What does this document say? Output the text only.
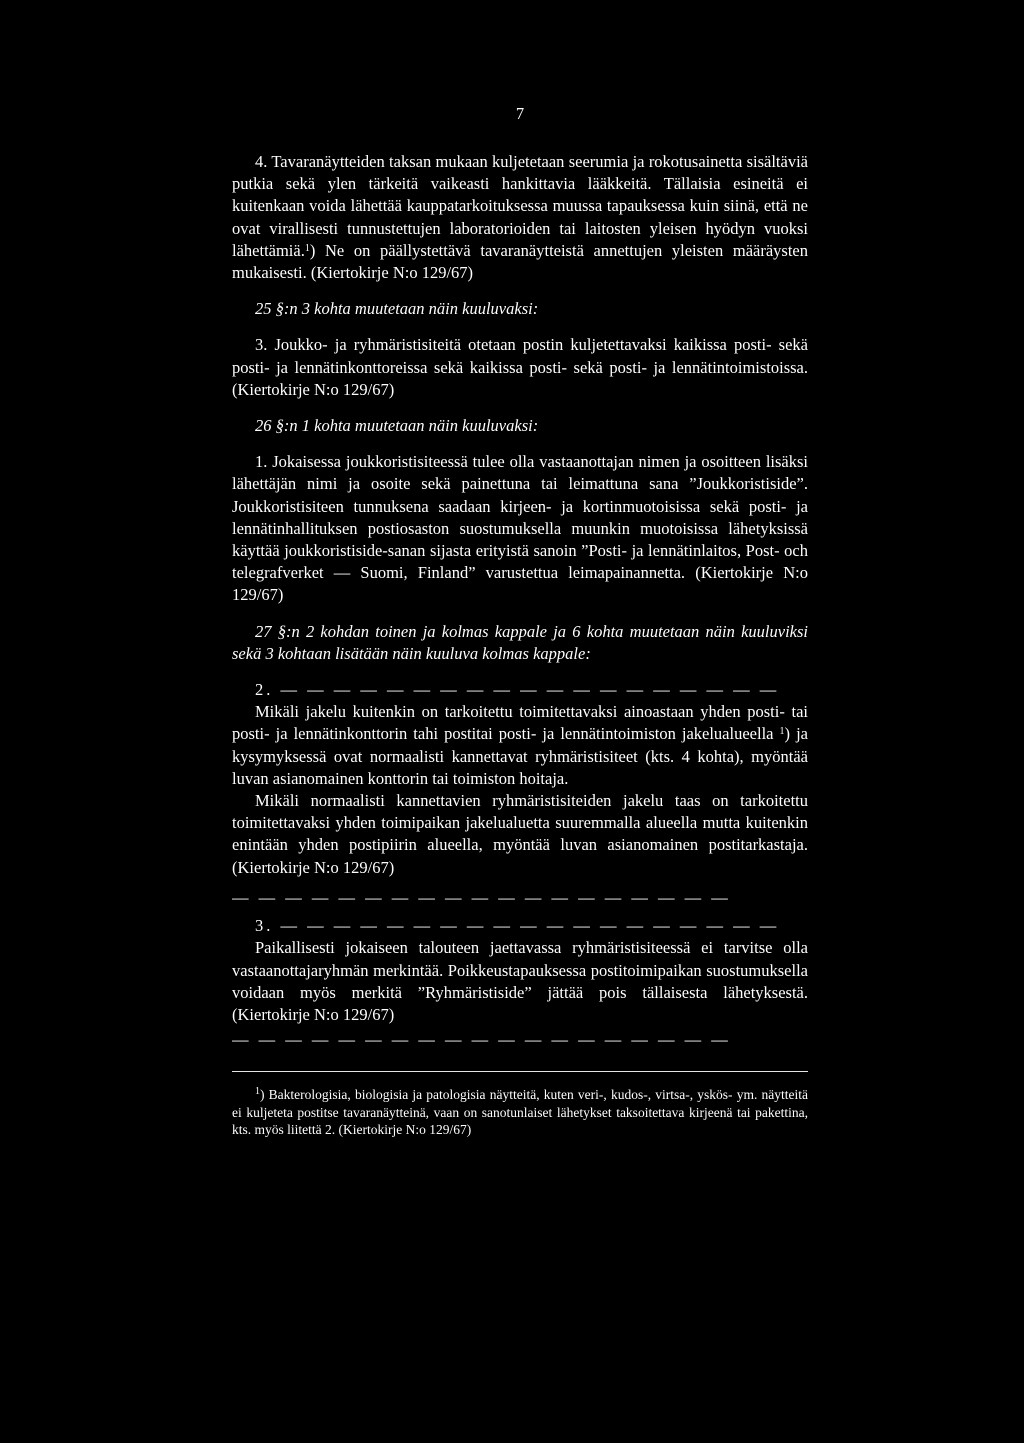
7

4. Tavaranäytteiden taksan mukaan kuljetetaan seerumia ja rokotusainetta sisältäviä putkia sekä ylen tärkeitä vaikeasti hankittavia lääkkeitä. Tällaisia esineitä ei kuitenkaan voida lähettää kauppatarkoituksessa muussa tapauksessa kuin siinä, että ne ovat virallisesti tunnustettujen laboratorioiden tai laitosten yleisen hyödyn vuoksi lähettämiä.$^1$) Ne on päällystettävä tavaranäytteistä annettujen yleisten määräysten mukaisesti. (Kiertokirje N:o 129/67)

25 §:n 3 kohta muutetaan näin kuuluvaksi:

3. Joukko- ja ryhmäristisiteitä otetaan postin kuljetettavaksi kaikissa posti- sekä posti- ja lennätinkonttoreissa sekä kaikissa posti- sekä posti- ja lennätintoimistoissa. (Kiertokirje N:o 129/67)

26 §:n 1 kohta muutetaan näin kuuluvaksi:

1. Jokaisessa joukkoristisiteessä tulee olla vastaanottajan nimen ja osoitteen lisäksi lähettäjän nimi ja osoite sekä painettuna tai leimattuna sana ”Joukkoristiside”. Joukkoristisiteen tunnuksena saadaan kirjeen- ja kortinmuotoisissa sekä posti- ja lennätinhallituksen postiosaston suostumuksella muunkin muotoisissa lähetyksissä käyttää joukkoristiside-sanan sijasta erityistä sanoin ”Posti- ja lennätinlaitos, Post- och telegrafverket — Suomi, Finland” varustettua leimapainannetta. (Kiertokirje N:o 129/67)

27 §:n 2 kohdan toinen ja kolmas kappale ja 6 kohta muutetaan näin kuuluviksi sekä 3 kohtaan lisätään näin kuuluva kolmas kappale:

2. — — — — — — — — — — — — — — — — — — —

Mikäli jakelu kuitenkin on tarkoitettu toimitettavaksi ainoastaan yhden posti- tai posti- ja lennätinkonttorin tahi postitai posti- ja lennätintoimiston jakelualueella $^1$) ja kysymyksessä ovat normaalisti kannettavat ryhmäristisiteet (kts. 4 kohta), myöntää luvan asianomainen konttorin tai toimiston hoitaja.

Mikäli normaalisti kannettavien ryhmäristisiteiden jakelu taas on tarkoitettu toimitettavaksi yhden toimipaikan jakelualuetta suuremmalla alueella mutta kuitenkin enintään yhden postipiirin alueella, myöntää luvan asianomainen postitarkastaja. (Kiertokirje N:o 129/67)

— — — — — — — — — — — — — — — — — — —

3. — — — — — — — — — — — — — — — — — — —

Paikallisesti jokaiseen talouteen jaettavassa ryhmäristisiteessä ei tarvitse olla vastaanottajaryhmän merkintää. Poikkeustapauksessa postitoimipaikan suostumuksella voidaan myös merkitä ”Ryhmäristiside” jättää pois tällaisesta lähetyksestä. (Kiertokirje N:o 129/67)

— — — — — — — — — — — — — — — — — — —

$^1$) Bakterologisia, biologisia ja patologisia näytteitä, kuten veri-, kudos-, virtsa-, yskös- ym. näytteitä ei kuljeteta postitse tavaranäytteinä, vaan on sanotunlaiset lähetykset taksoitettava kirjeenä tai pakettina, kts. myös liitettä 2. (Kiertokirje N:o 129/67)
